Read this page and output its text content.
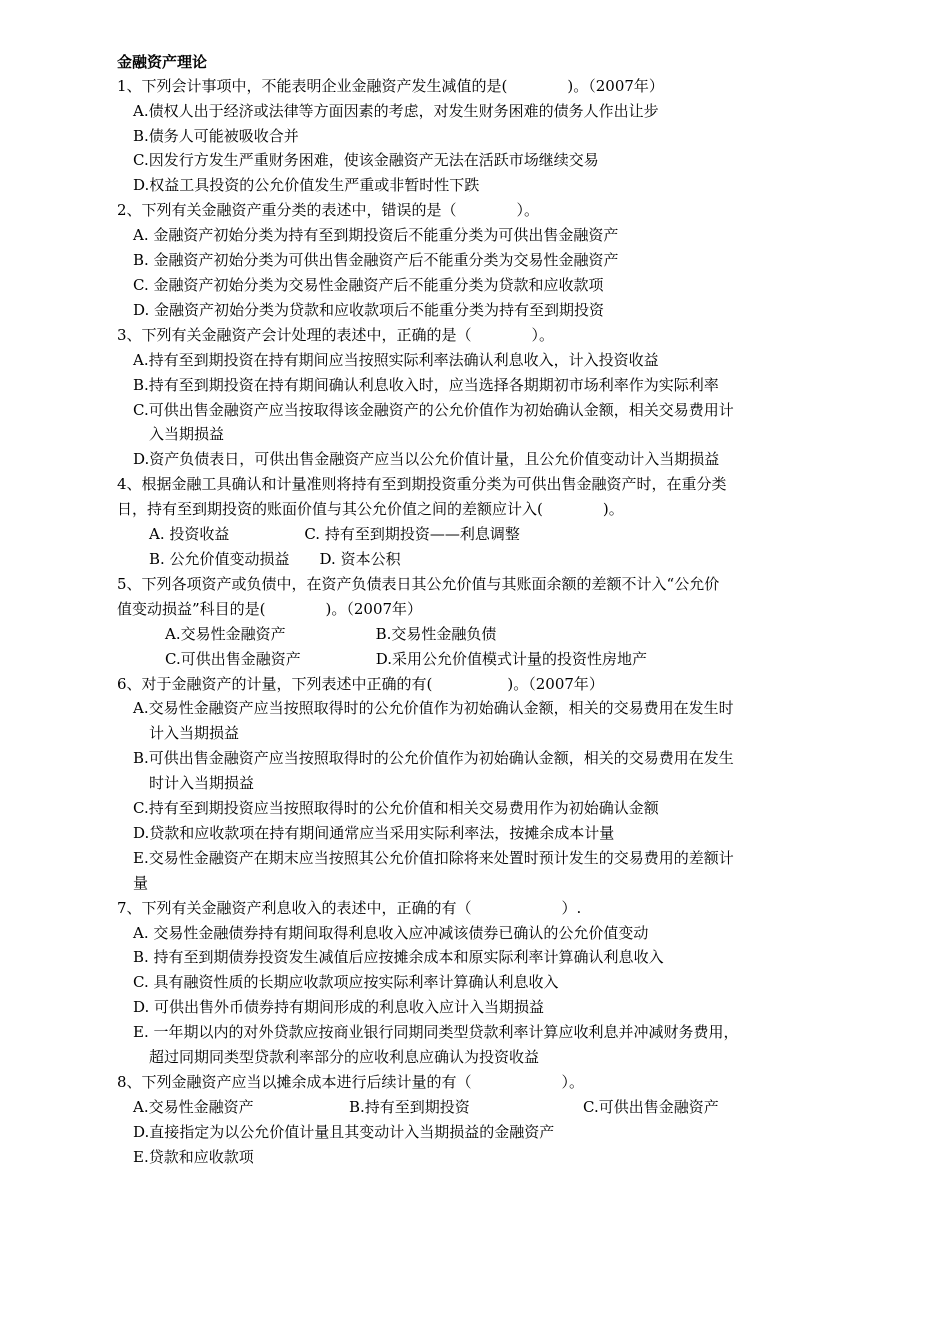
金融资产理论
1、下列会计事项中，不能表明企业金融资产发生减值的是(　　　　)。（2007年）
A.债权人出于经济或法律等方面因素的考虑，对发生财务困难的债务人作出让步
B.债务人可能被吸收合并
C.因发行方发生严重财务困难，使该金融资产无法在活跃市场继续交易
D.权益工具投资的公允价值发生严重或非暂时性下跌
2、下列有关金融资产重分类的表述中，错误的是（　　　　）。
A. 金融资产初始分类为持有至到期投资后不能重分类为可供出售金融资产
B. 金融资产初始分类为可供出售金融资产后不能重分类为交易性金融资产
C. 金融资产初始分类为交易性金融资产后不能重分类为贷款和应收款项
D. 金融资产初始分类为贷款和应收款项后不能重分类为持有至到期投资
3、下列有关金融资产会计处理的表述中，正确的是（　　　　）。
A.持有至到期投资在持有期间应当按照实际利率法确认利息收入，计入投资收益
B.持有至到期投资在持有期间确认利息收入时，应当选择各期期初市场利率作为实际利率
C.可供出售金融资产应当按取得该金融资产的公允价值作为初始确认金额，相关交易费用计
入当期损益
D.资产负债表日，可供出售金融资产应当以公允价值计量，且公允价值变动计入当期损益
4、根据金融工具确认和计量准则将持有至到期投资重分类为可供出售金融资产时，在重分类
日，持有至到期投资的账面价值与其公允价值之间的差额应计入(　　　　)。
A. 投资收益　　　　　C. 持有至到期投资——利息调整
B. 公允价值变动损益　　D. 资本公积
5、下列各项资产或负债中，在资产负债表日其公允价值与其账面余额的差额不计入“公允价
值变动损益”科目的是(　　　　)。（2007年）
A.交易性金融资产　　　　　　B.交易性金融负债
C.可供出售金融资产　　　　　D.采用公允价值模式计量的投资性房地产
6、对于金融资产的计量，下列表述中正确的有(　　　　　)。（2007年）
A.交易性金融资产应当按照取得时的公允价值作为初始确认金额，相关的交易费用在发生时
计入当期损益
B.可供出售金融资产应当按照取得时的公允价值作为初始确认金额，相关的交易费用在发生
时计入当期损益
C.持有至到期投资应当按照取得时的公允价值和相关交易费用作为初始确认金额
D.贷款和应收款项在持有期间通常应当采用实际利率法，按摊余成本计量
E.交易性金融资产在期末应当按照其公允价值扣除将来处置时预计发生的交易费用的差额计
量
7、下列有关金融资产利息收入的表述中，正确的有（　　　　　　）.
A. 交易性金融债券持有期间取得利息收入应冲减该债券已确认的公允价值变动
B. 持有至到期债券投资发生减值后应按摊余成本和原实际利率计算确认利息收入
C. 具有融资性质的长期应收款项应按实际利率计算确认利息收入
D. 可供出售外币债券持有期间形成的利息收入应计入当期损益
E. 一年期以内的对外贷款应按商业银行同期同类型贷款利率计算应收利息并冲减财务费用，
超过同期同类型贷款利率部分的应收利息应确认为投资收益
8、下列金融资产应当以摊余成本进行后续计量的有（　　　　　　）。
A.交易性金融资产	B.持有至到期投资	C.可供出售金融资产
D.直接指定为以公允价值计量且其变动计入当期损益的金融资产
E.贷款和应收款项
